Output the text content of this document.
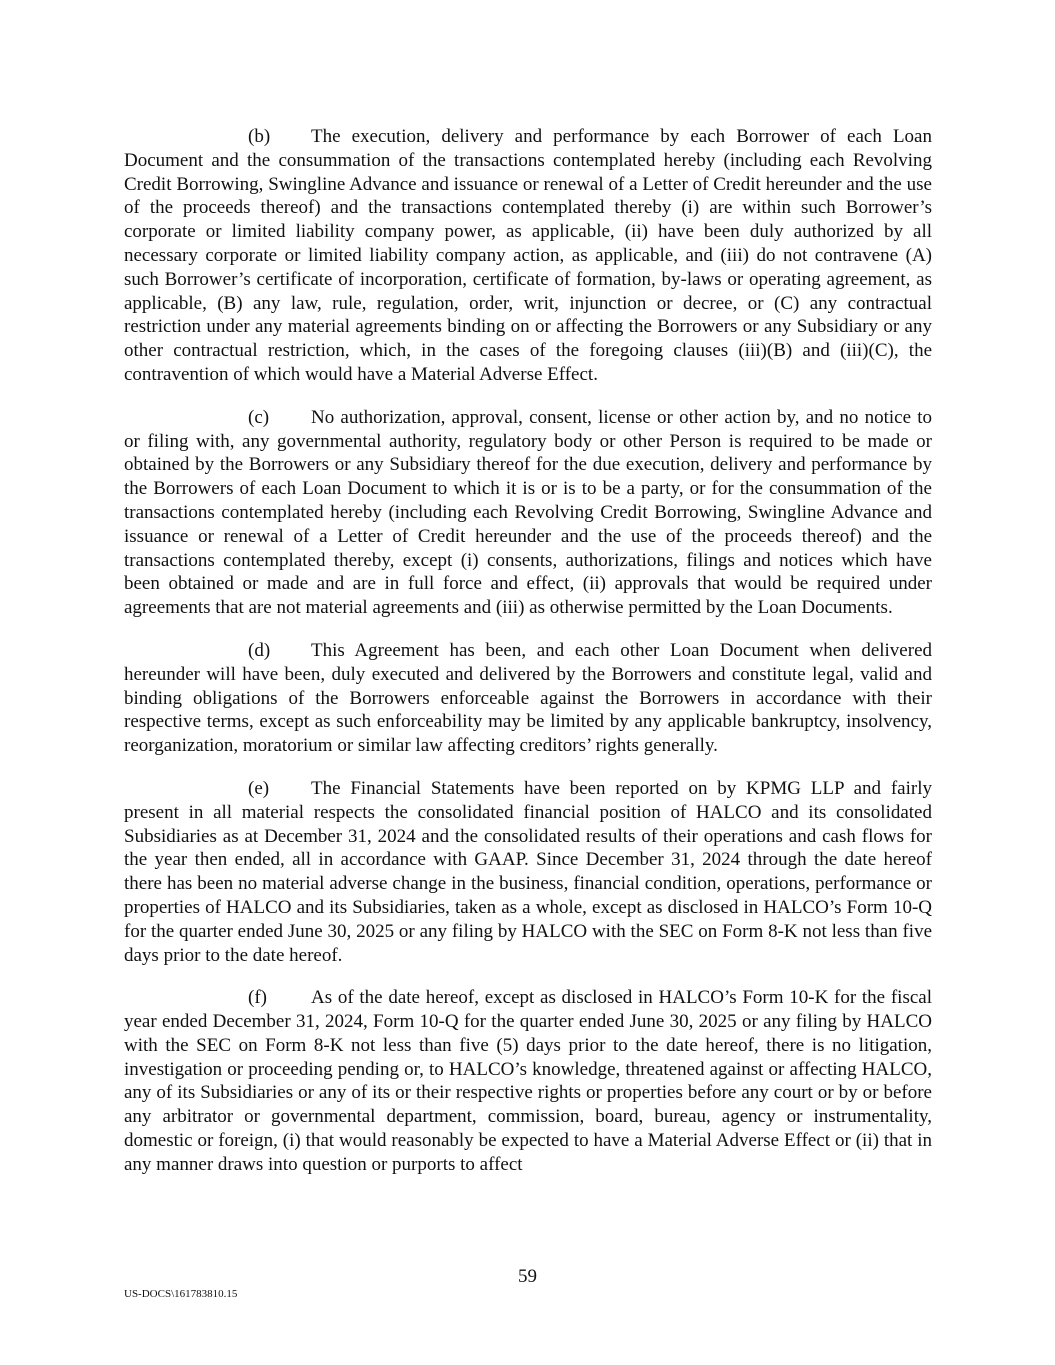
(b) The execution, delivery and performance by each Borrower of each Loan Document and the consummation of the transactions contemplated hereby (including each Revolving Credit Borrowing, Swingline Advance and issuance or renewal of a Letter of Credit hereunder and the use of the proceeds thereof) and the transactions contemplated thereby (i) are within such Borrower’s corporate or limited liability company power, as applicable, (ii) have been duly authorized by all necessary corporate or limited liability company action, as applicable, and (iii) do not contravene (A) such Borrower’s certificate of incorporation, certificate of formation, by-laws or operating agreement, as applicable, (B) any law, rule, regulation, order, writ, injunction or decree, or (C) any contractual restriction under any material agreements binding on or affecting the Borrowers or any Subsidiary or any other contractual restriction, which, in the cases of the foregoing clauses (iii)(B) and (iii)(C), the contravention of which would have a Material Adverse Effect.

(c) No authorization, approval, consent, license or other action by, and no notice to or filing with, any governmental authority, regulatory body or other Person is required to be made or obtained by the Borrowers or any Subsidiary thereof for the due execution, delivery and performance by the Borrowers of each Loan Document to which it is or is to be a party, or for the consummation of the transactions contemplated hereby (including each Revolving Credit Borrowing, Swingline Advance and issuance or renewal of a Letter of Credit hereunder and the use of the proceeds thereof) and the transactions contemplated thereby, except (i) consents, authorizations, filings and notices which have been obtained or made and are in full force and effect, (ii) approvals that would be required under agreements that are not material agreements and (iii) as otherwise permitted by the Loan Documents.

(d) This Agreement has been, and each other Loan Document when delivered hereunder will have been, duly executed and delivered by the Borrowers and constitute legal, valid and binding obligations of the Borrowers enforceable against the Borrowers in accordance with their respective terms, except as such enforceability may be limited by any applicable bankruptcy, insolvency, reorganization, moratorium or similar law affecting creditors’ rights generally.

(e) The Financial Statements have been reported on by KPMG LLP and fairly present in all material respects the consolidated financial position of HALCO and its consolidated Subsidiaries as at December 31, 2024 and the consolidated results of their operations and cash flows for the year then ended, all in accordance with GAAP. Since December 31, 2024 through the date hereof there has been no material adverse change in the business, financial condition, operations, performance or properties of HALCO and its Subsidiaries, taken as a whole, except as disclosed in HALCO’s Form 10-Q for the quarter ended June 30, 2025 or any filing by HALCO with the SEC on Form 8-K not less than five days prior to the date hereof.

(f) As of the date hereof, except as disclosed in HALCO’s Form 10-K for the fiscal year ended December 31, 2024, Form 10-Q for the quarter ended June 30, 2025 or any filing by HALCO with the SEC on Form 8-K not less than five (5) days prior to the date hereof, there is no litigation, investigation or proceeding pending or, to HALCO’s knowledge, threatened against or affecting HALCO, any of its Subsidiaries or any of its or their respective rights or properties before any court or by or before any arbitrator or governmental department, commission, board, bureau, agency or instrumentality, domestic or foreign, (i) that would reasonably be expected to have a Material Adverse Effect or (ii) that in any manner draws into question or purports to affect

59
US-DOCS\161783810.15
